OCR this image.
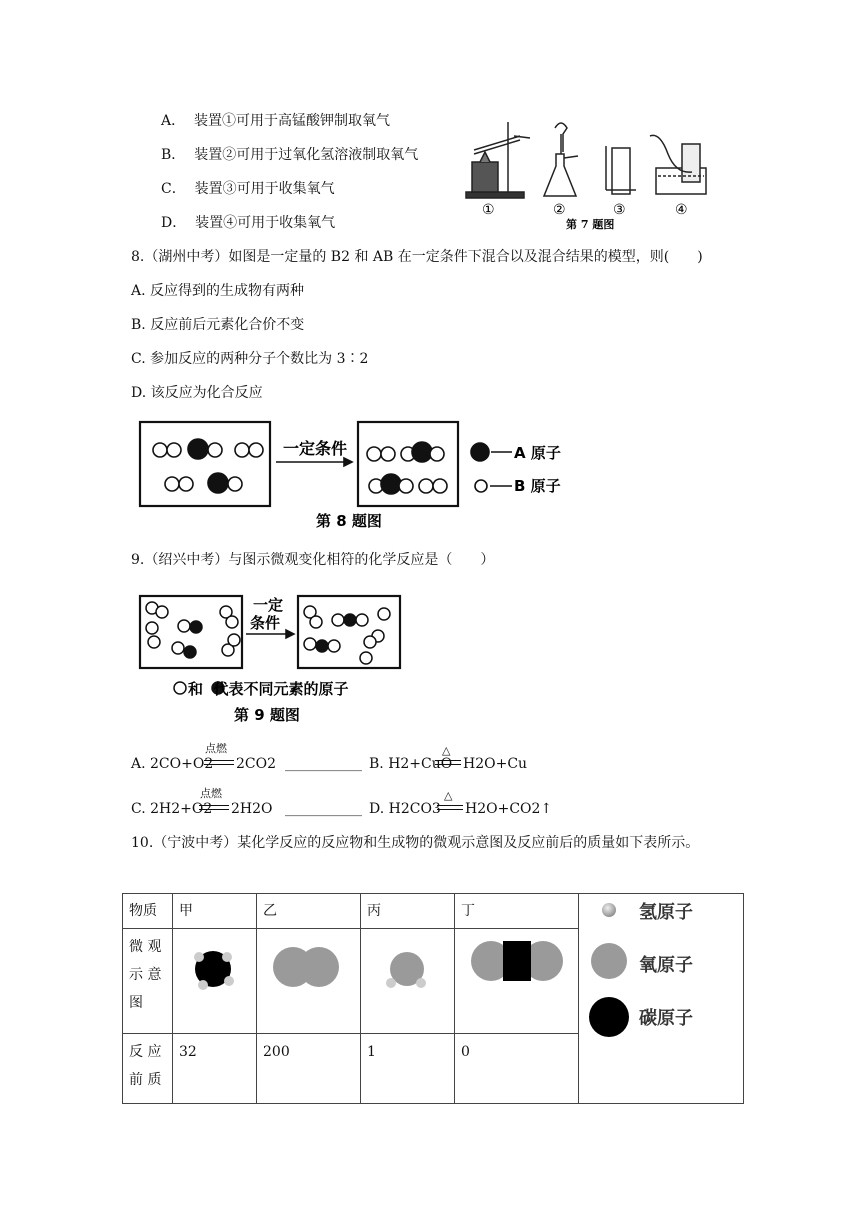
A． 装置①可用于高锰酸钾制取氧气
B． 装置②可用于过氧化氢溶液制取氧气
C． 装置③可用于收集氧气
D． 装置④可用于收集氧气
①	②	③	④
第 7 题图
8.（湖州中考）如图是一定量的 B2 和 AB 在一定条件下混合以及混合结果的模型，则(　　)
A. 反应得到的生成物有两种
B. 反应前后元素化合价不变
C. 参加反应的两种分子个数比为 3∶2
D. 该反应为化合反应
一定条件	A 原子
B 原子
第 8 题图
9.（绍兴中考）与图示微观变化相符的化学反应是（　　）
一定
条件
和  代表不同元素的原子
第 9 题图
A. 2CO+O2
点燃
2CO2 ___________ B. H2+CuO
△
H2O+Cu
C. 2H2+O2
点燃
2H2O ___________ D. H2CO3
△
H2O+CO2↑
10.（宁波中考）某化学反应的反应物和生成物的微观示意图及反应前后的质量如下表所示。
物质	甲	乙	丙	丁	氢原子
氧原子
碳原子

微 观
示 意
图

反 应
前 质	32	200	1	0	
